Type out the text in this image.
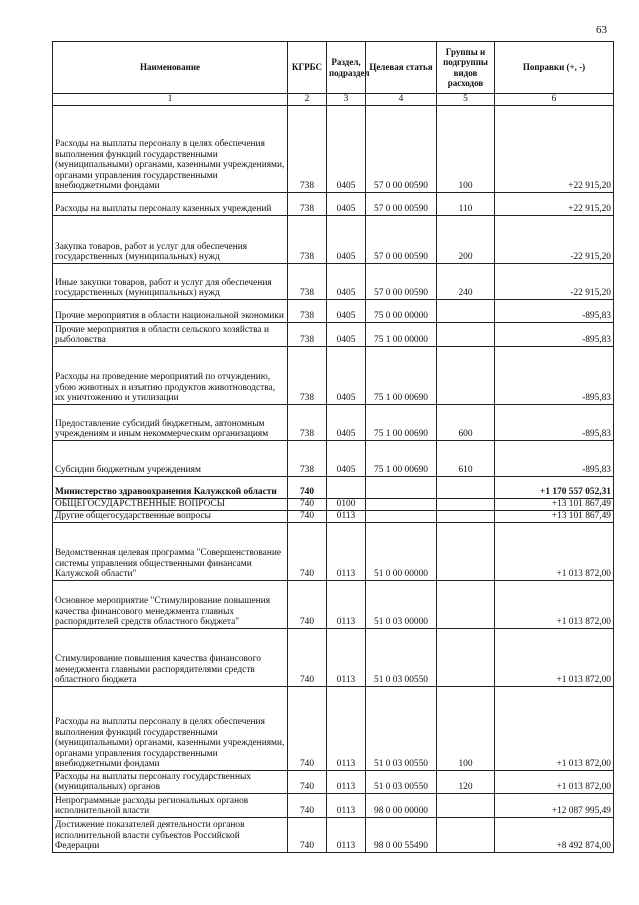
63
Наименование	КГРБС	Раздел, подраздел	Целевая статья	Группы и подгруппы видов расходов	Поправки (+, -)
1	2	3	4	5	6
Расходы на выплаты персоналу в целях обеспечения выполнения функций государственными (муниципальными) органами, казенными учреждениями, органами управления государственными внебюджетными фондами	738	0405	57 0 00 00590	100	+22 915,20
Расходы на выплаты персоналу казенных учреждений	738	0405	57 0 00 00590	110	+22 915,20
Закупка товаров, работ и услуг для обеспечения государственных (муниципальных) нужд	738	0405	57 0 00 00590	200	-22 915,20
Иные закупки товаров, работ и услуг для обеспечения государственных (муниципальных) нужд	738	0405	57 0 00 00590	240	-22 915,20
Прочие мероприятия в области национальной экономики	738	0405	75 0 00 00000		-895,83
Прочие мероприятия в области сельского хозяйства и рыболовства	738	0405	75 1 00 00000		-895,83
Расходы на проведение мероприятий по отчуждению, убою животных и изъятию продуктов животноводства, их уничтожению и утилизации	738	0405	75 1 00 00690		-895,83
Предоставление субсидий бюджетным, автономным учреждениям и иным некоммерческим организациям	738	0405	75 1 00 00690	600	-895,83
Субсидии бюджетным учреждениям	738	0405	75 1 00 00690	610	-895,83
Министерство здравоохранения Калужской области	740				+1 170 557 052,31
ОБЩЕГОСУДАРСТВЕННЫЕ ВОПРОСЫ	740	0100			+13 101 867,49
Другие общегосударственные вопросы	740	0113			+13 101 867,49
Ведомственная целевая программа "Совершенствование системы управления общественными финансами Калужской области"	740	0113	51 0 00 00000		+1 013 872,00
Основное мероприятие "Стимулирование повышения качества финансового менеджмента главных распорядителей средств областного бюджета"	740	0113	51 0 03 00000		+1 013 872,00
Стимулирование повышения качества финансового менеджмента главными распорядителями средств областного бюджета	740	0113	51 0 03 00550		+1 013 872,00
Расходы на выплаты персоналу в целях обеспечения выполнения функций государственными (муниципальными) органами, казенными учреждениями, органами управления государственными внебюджетными фондами	740	0113	51 0 03 00550	100	+1 013 872,00
Расходы на выплаты персоналу государственных (муниципальных) органов	740	0113	51 0 03 00550	120	+1 013 872,00
Непрограммные расходы региональных органов исполнительной власти	740	0113	98 0 00 00000		+12 087 995,49
Достижение показателей деятельности органов исполнительной власти субъектов Российской Федерации	740	0113	98 0 00 55490		+8 492 874,00
